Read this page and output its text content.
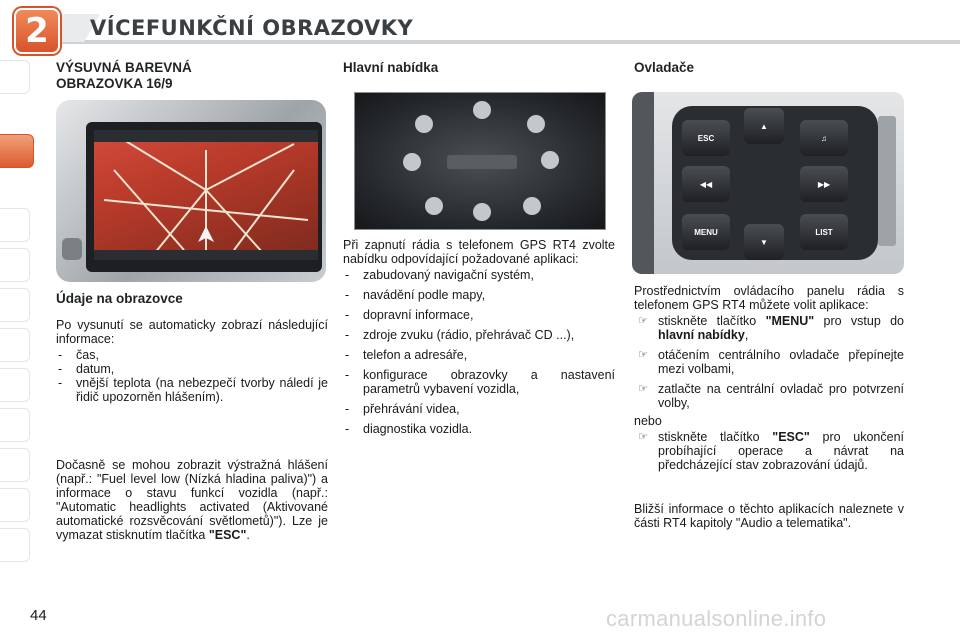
2	VÍCEFUNKČNÍ OBRAZOVKY
VÝSUVNÁ BAREVNÁ OBRAZOVKA 16/9
Údaje na obrazovce

Po vysunutí se automaticky zobrazí následující informace:

- čas,
- datum,
- vnější teplota (na nebezpečí tvorby náledí je řidič upozorněn hlášením).

Dočasně se mohou zobrazit výstražná hlášení (např.: "Fuel level low (Nízká hladina paliva)") a informace o stavu funkcí vozidla (např.: "Automatic headlights activated (Aktivované automatické rozsvěcování světlometů)"). Lze je vymazat stisknutím tlačítka "ESC".

Hlavní nabídka

Při zapnutí rádia s telefonem GPS RT4 zvolte nabídku odpovídající požadované aplikaci:

- zabudovaný navigační systém,
- navádění podle mapy,
- dopravní informace,
- zdroje zvuku (rádio, přehrávač CD ...),
- telefon a adresáře,
- konfigurace obrazovky a nastavení parametrů vybavení vozidla,
- přehrávání videa,
- diagnostika vozidla.
Ovladače
ESC
▲
♫
◀◀	▶▶
MENU
▼
LIST

Prostřednictvím ovládacího panelu rádia s telefonem GPS RT4 můžete volit aplikace:

☞ stiskněte tlačítko "MENU" pro vstup do hlavní nabídky,
☞ otáčením centrálního ovladače přepínejte mezi volbami,
☞ zatlačte na centrální ovladač pro potvrzení volby,

nebo

☞ stiskněte tlačítko "ESC" pro ukončení probíhající operace a návrat na předcházející stav zobrazování údajů.

Bližší informace o těchto aplikacích naleznete v části RT4 kapitoly "Audio a telematika".

44	carmanualsonline.info
